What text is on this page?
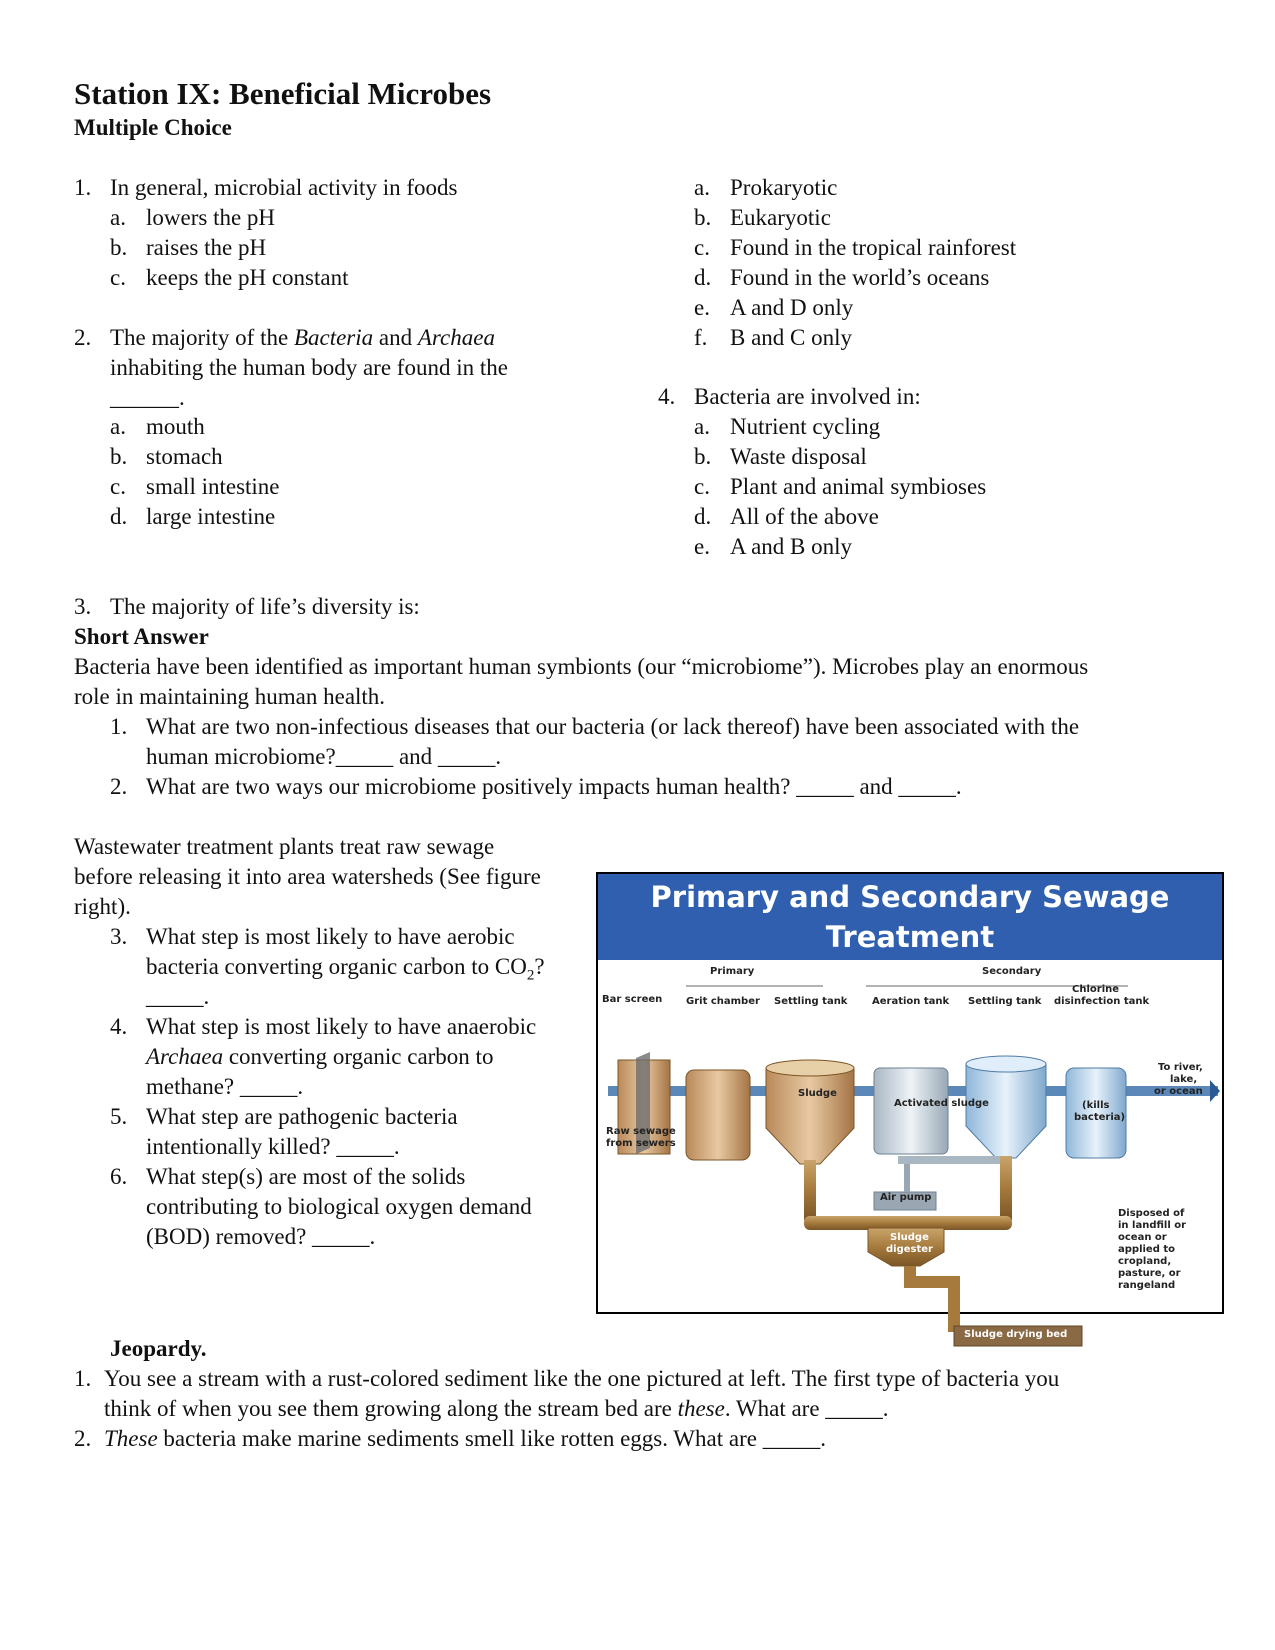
Station IX: Beneficial Microbes
Multiple Choice
1. In general, microbial activity in foods
a. lowers the pH
b. raises the pH
c. keeps the pH constant
2. The majority of the Bacteria and Archaea
inhabiting the human body are found in the
______.
a. mouth
b. stomach
c. small intestine
d. large intestine
a. Prokaryotic
b. Eukaryotic
c. Found in the tropical rainforest
d. Found in the world’s oceans
e. A and D only
f. B and C only
4. Bacteria are involved in:
a. Nutrient cycling
b. Waste disposal
c. Plant and animal symbioses
d. All of the above
e. A and B only
3. The majority of life’s diversity is:
Short Answer
Bacteria have been identified as important human symbionts (our “microbiome”). Microbes play an enormous
role in maintaining human health.
1. What are two non-infectious diseases that our bacteria (or lack thereof) have been associated with the
human microbiome?_____ and _____.
2. What are two ways our microbiome positively impacts human health? _____ and _____.
Wastewater treatment plants treat raw sewage
before releasing it into area watersheds (See figure
right).
3. What step is most likely to have aerobic
bacteria converting organic carbon to $CO_2$?
_____.
4. What step is most likely to have anaerobic
Archaea converting organic carbon to
methane? _____.
5. What step are pathogenic bacteria
intentionally killed? _____.
6. What step(s) are most of the solids
contributing to biological oxygen demand
(BOD) removed? _____.
Primary and Secondary Sewage
Treatment
Primary	Secondary
Bar screen Grit chamber Settling tank Aeration tank Settling tank
Chlorine
disinfection tank
To river,
lake,
or ocean
(kills
bacteria)
Sludge
Activated sludge
Raw sewage
from sewers
Air pump
Sludge
digester
Sludge drying bed
Disposed of
in landfill or
ocean or
applied to
cropland,
pasture, or
rangeland
Jeopardy.
1. You see a stream with a rust-colored sediment like the one pictured at left. The first type of bacteria you
think of when you see them growing along the stream bed are these. What are _____.
2. These bacteria make marine sediments smell like rotten eggs. What are _____.
